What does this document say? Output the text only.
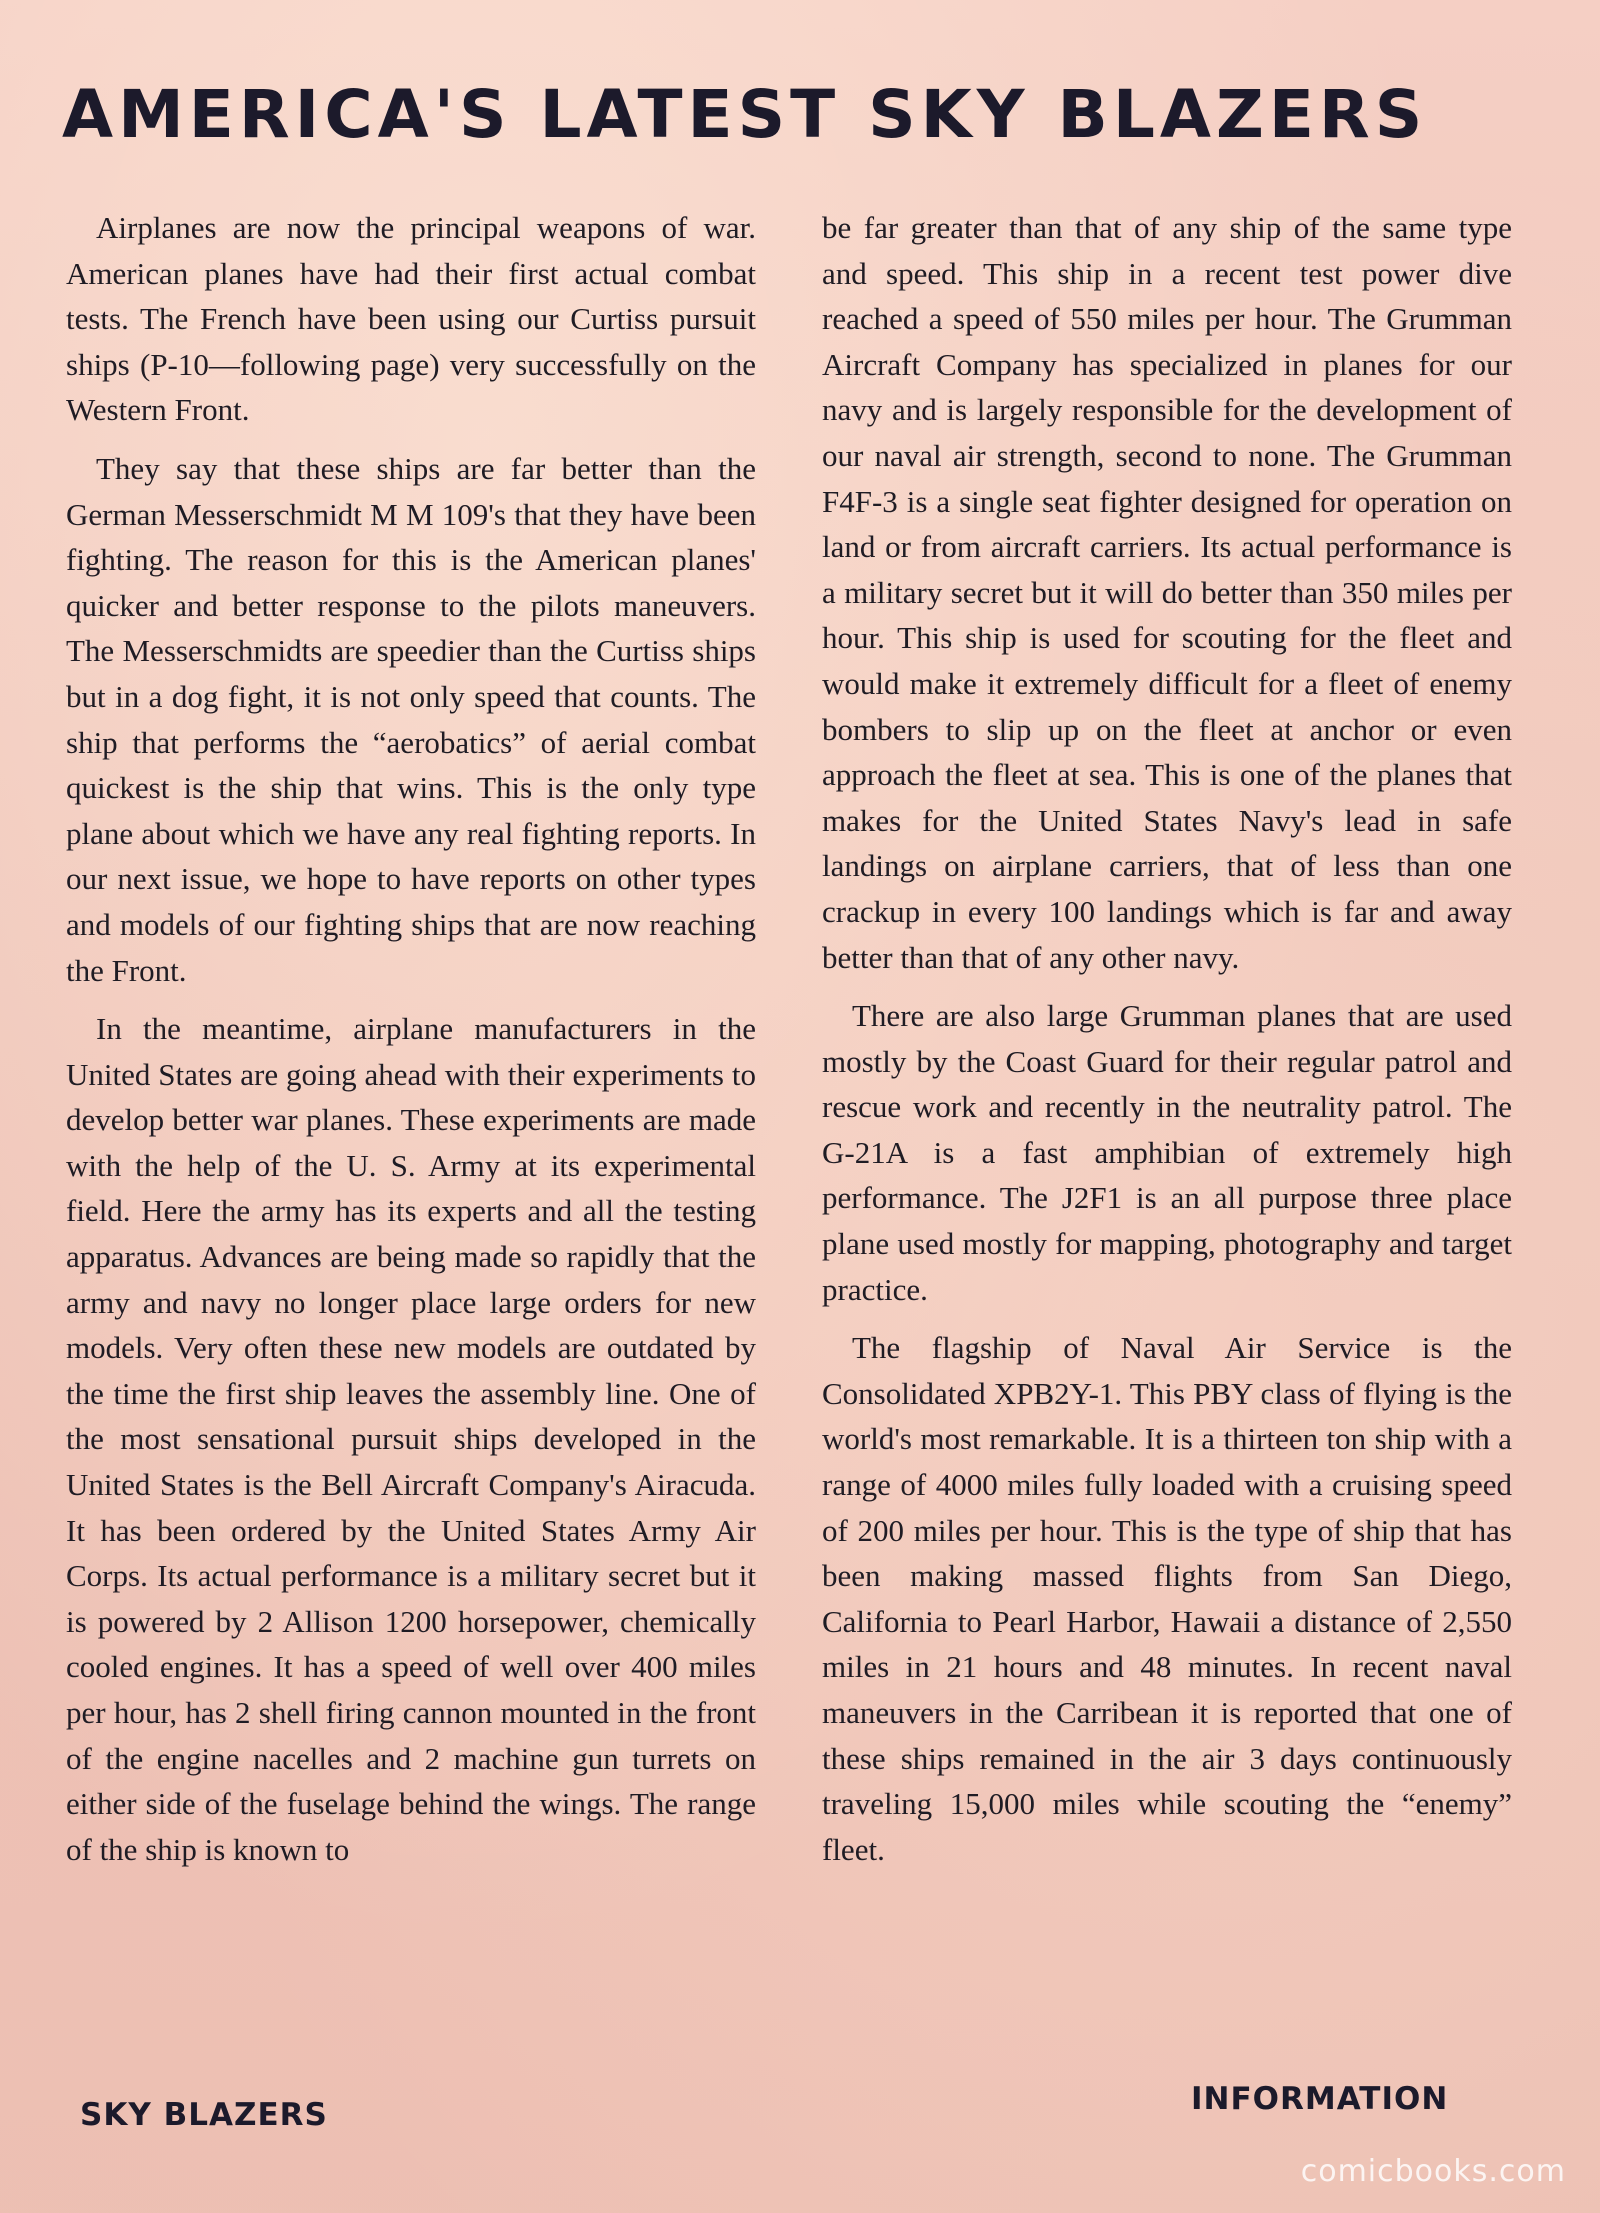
AMERICA'S LATEST SKY BLAZERS

Airplanes are now the principal weapons of war. American planes have had their first actual combat tests. The French have been using our Curtiss pursuit ships (P-10—following page) very successfully on the Western Front.

They say that these ships are far better than the German Messerschmidt M M 109's that they have been fighting. The reason for this is the American planes' quicker and better response to the pilots maneuvers. The Messerschmidts are speedier than the Curtiss ships but in a dog fight, it is not only speed that counts. The ship that performs the “aerobatics” of aerial combat quickest is the ship that wins. This is the only type plane about which we have any real fighting reports. In our next issue, we hope to have reports on other types and models of our fighting ships that are now reaching the Front.

In the meantime, airplane manufacturers in the United States are going ahead with their experiments to develop better war planes. These experiments are made with the help of the U. S. Army at its experimental field. Here the army has its experts and all the testing apparatus. Advances are being made so rapidly that the army and navy no longer place large orders for new models. Very often these new models are outdated by the time the first ship leaves the assembly line. One of the most sensational pursuit ships developed in the United States is the Bell Aircraft Company's Airacuda. It has been ordered by the United States Army Air Corps. Its actual performance is a military secret but it is powered by 2 Allison 1200 horsepower, chemically cooled engines. It has a speed of well over 400 miles per hour, has 2 shell firing cannon mounted in the front of the engine nacelles and 2 machine gun turrets on either side of the fuselage behind the wings. The range of the ship is known to

be far greater than that of any ship of the same type and speed. This ship in a recent test power dive reached a speed of 550 miles per hour. The Grumman Aircraft Company has specialized in planes for our navy and is largely responsible for the development of our naval air strength, second to none. The Grumman F4F-3 is a single seat fighter designed for operation on land or from aircraft carriers. Its actual performance is a military secret but it will do better than 350 miles per hour. This ship is used for scouting for the fleet and would make it extremely difficult for a fleet of enemy bombers to slip up on the fleet at anchor or even approach the fleet at sea. This is one of the planes that makes for the United States Navy's lead in safe landings on airplane carriers, that of less than one crackup in every 100 landings which is far and away better than that of any other navy.

There are also large Grumman planes that are used mostly by the Coast Guard for their regular patrol and rescue work and recently in the neutrality patrol. The G-21A is a fast amphibian of extremely high performance. The J2F1 is an all purpose three place plane used mostly for mapping, photography and target practice.

The flagship of Naval Air Service is the Consolidated XPB2Y-1. This PBY class of flying is the world's most remarkable. It is a thirteen ton ship with a range of 4000 miles fully loaded with a cruising speed of 200 miles per hour. This is the type of ship that has been making massed flights from San Diego, California to Pearl Harbor, Hawaii a distance of 2,550 miles in 21 hours and 48 minutes. In recent naval maneuvers in the Carribean it is reported that one of these ships remained in the air 3 days continuously traveling 15,000 miles while scouting the “enemy” fleet.

SKY BLAZERS	INFORMATION
comicbooks.com
